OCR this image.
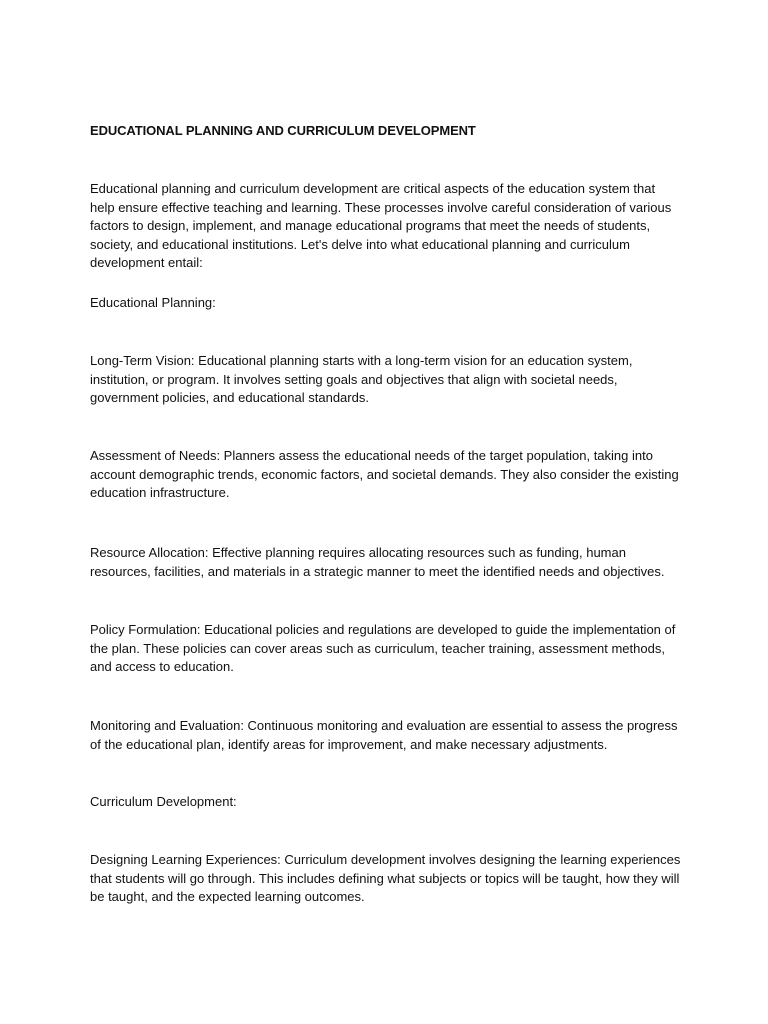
EDUCATIONAL PLANNING AND CURRICULUM DEVELOPMENT

Educational planning and curriculum development are critical aspects of the education system that help ensure effective teaching and learning. These processes involve careful consideration of various factors to design, implement, and manage educational programs that meet the needs of students, society, and educational institutions. Let's delve into what educational planning and curriculum development entail:

Educational Planning:

Long-Term Vision: Educational planning starts with a long-term vision for an education system, institution, or program. It involves setting goals and objectives that align with societal needs, government policies, and educational standards.

Assessment of Needs: Planners assess the educational needs of the target population, taking into account demographic trends, economic factors, and societal demands. They also consider the existing education infrastructure.

Resource Allocation: Effective planning requires allocating resources such as funding, human resources, facilities, and materials in a strategic manner to meet the identified needs and objectives.

Policy Formulation: Educational policies and regulations are developed to guide the implementation of the plan. These policies can cover areas such as curriculum, teacher training, assessment methods, and access to education.

Monitoring and Evaluation: Continuous monitoring and evaluation are essential to assess the progress of the educational plan, identify areas for improvement, and make necessary adjustments.

Curriculum Development:

Designing Learning Experiences: Curriculum development involves designing the learning experiences that students will go through. This includes defining what subjects or topics will be taught, how they will be taught, and the expected learning outcomes.
